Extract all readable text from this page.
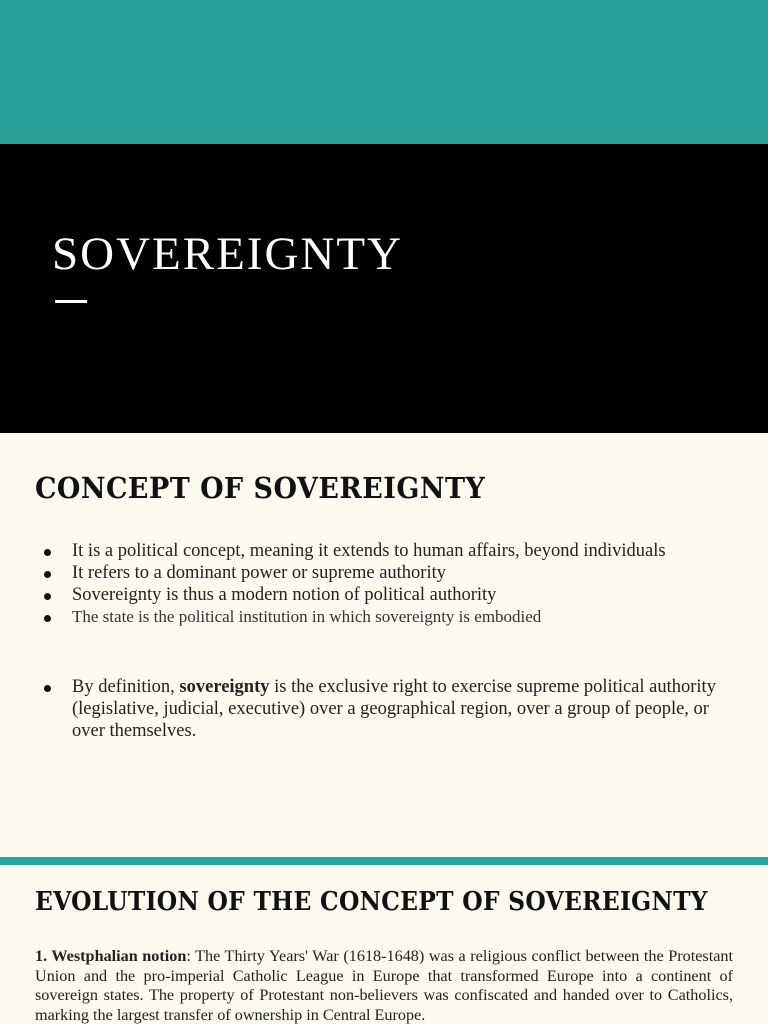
SOVEREIGNTY
CONCEPT OF SOVEREIGNTY
It is a political concept, meaning it extends to human affairs, beyond individuals
It refers to a dominant power or supreme authority
Sovereignty is thus a modern notion of political authority
The state is the political institution in which sovereignty is embodied
By definition, sovereignty is the exclusive right to exercise supreme political authority (legislative, judicial, executive) over a geographical region, over a group of people, or over themselves.
EVOLUTION OF THE CONCEPT OF SOVEREIGNTY

1. Westphalian notion: The Thirty Years' War (1618-1648) was a religious conflict between the Protestant Union and the pro-imperial Catholic League in Europe that transformed Europe into a continent of sovereign states. The property of Protestant non-believers was confiscated and handed over to Catholics, marking the largest transfer of ownership in Central Europe.
